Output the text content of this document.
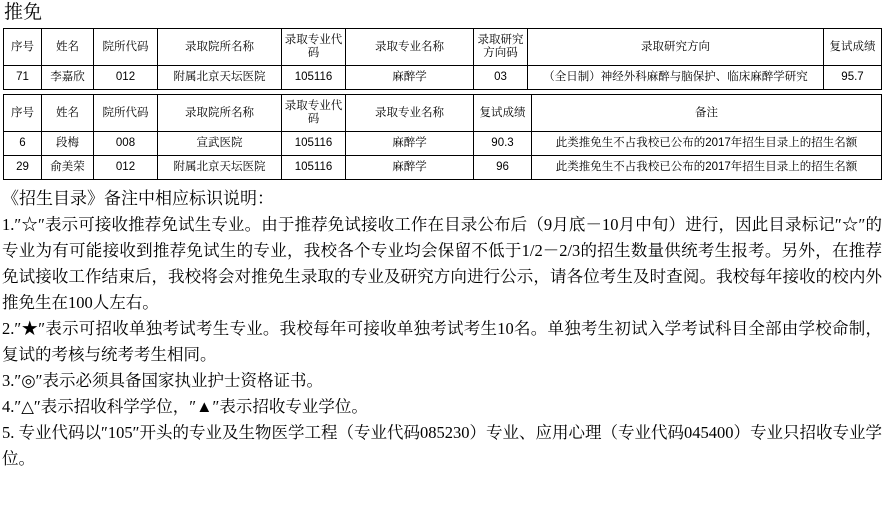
推免
序号	姓名	院所代码	录取院所名称	录取专业代码	录取专业名称	录取研究方向码	录取研究方向	复试成绩
71	李嘉欣	012	附属北京天坛医院	105116	麻醉学	03	（全日制）神经外科麻醉与脑保护、临床麻醉学研究	95.7
序号	姓名	院所代码	录取院所名称	录取专业代码	录取专业名称	复试成绩	备注
6	段梅	008	宣武医院	105116	麻醉学	90.3	此类推免生不占我校已公布的2017年招生目录上的招生名额
29	俞美荣	012	附属北京天坛医院	105116	麻醉学	96	此类推免生不占我校已公布的2017年招生目录上的招生名额

《招生目录》备注中相应标识说明：

1.″☆″表示可接收推荐免试生专业。由于推荐免试接收工作在目录公布后（9月底－10月中旬）进行，因此目录标记″☆″的专业为有可能接收到推荐免试生的专业，我校各个专业均会保留不低于1/2－2/3的招生数量供统考生报考。另外，在推荐免试接收工作结束后，我校将会对推免生录取的专业及研究方向进行公示，请各位考生及时查阅。我校每年接收的校内外推免生在100人左右。

2.″★″表示可招收单独考试考生专业。我校每年可接收单独考试考生10名。单独考生初试入学考试科目全部由学校命制，复试的考核与统考考生相同。

3.″◎″表示必须具备国家执业护士资格证书。

4.″△″表示招收科学学位，″▲″表示招收专业学位。

5. 专业代码以″105″开头的专业及生物医学工程（专业代码085230）专业、应用心理（专业代码045400）专业只招收专业学位。
